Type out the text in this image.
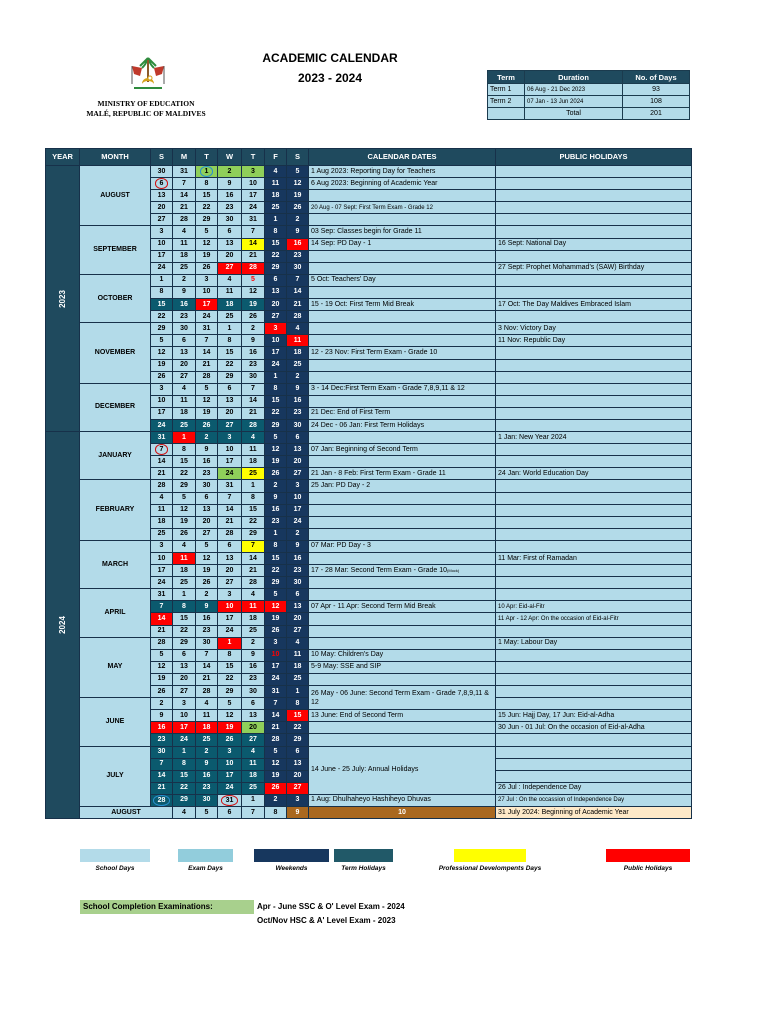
MINISTRY OF EDUCATION
MALÉ, REPUBLIC OF MALDIVES
ACADEMIC CALENDAR
2023 - 2024	Term	Duration	No. of Days
Term 1	06 Aug - 21 Dec 2023	93
Term 2	07 Jan - 13 Jun 2024	108
	Total	201
YEAR	MONTH	S	M	T	W	T	F	S	CALENDAR DATES	PUBLIC HOLIDAYS	
2023	AUGUST	30	31	1	2	3	4	5	1 Aug 2023: Reporting Day for Teachers		
		6	7	8	9	10	11	12	6 Aug 2023: Beginning of Academic Year		
		13	14	15	16	17	18	19			
		20	21	22	23	24	25	26	20 Aug - 07 Sept: First Term Exam - Grade 12		
		27	28	29	30	31	1	2			
	SEPTEMBER	3	4	5	6	7	8	9	03 Sep: Classes begin for Grade 11		
		10	11	12	13	14	15	16	14 Sep: PD Day - 1	16 Sept: National Day	
		17	18	19	20	21	22	23			
		24	25	26	27	28	29	30		27 Sept: Prophet Mohammad's (SAW) Birthday	
	OCTOBER	1	2	3	4	5	6	7	5 Oct: Teachers' Day		
		8	9	10	11	12	13	14			
		15	16	17	18	19	20	21	15 - 19 Oct: First Term Mid Break	17 Oct: The Day Maldives Embraced Islam	
		22	23	24	25	26	27	28			
	NOVEMBER	29	30	31	1	2	3	4		3 Nov: Victory Day	
		5	6	7	8	9	10	11		11 Nov: Republic Day	
		12	13	14	15	16	17	18	12 - 23 Nov: First Term Exam - Grade 10		
		19	20	21	22	23	24	25			
		26	27	28	29	30	1	2			
	DECEMBER	3	4	5	6	7	8	9	3 - 14 Dec:First Term Exam - Grade 7,8,9,11 & 12		
		10	11	12	13	14	15	16			
		17	18	19	20	21	22	23	21 Dec: End of First Term		
		24	25	26	27	28	29	30	24 Dec - 06 Jan: First Term Holidays		
2024	JANUARY	31	1	2	3	4	5	6		1 Jan: New Year 2024	
		7	8	9	10	11	12	13	07 Jan: Beginning of Second Term		
		14	15	16	17	18	19	20			
		21	22	23	24	25	26	27	21 Jan - 8 Feb: First Term Exam - Grade 11	24 Jan: World Education Day	
	FEBRUARY	28	29	30	31	1	2	3	25 Jan: PD Day - 2		
		4	5	6	7	8	9	10			
		11	12	13	14	15	16	17			
		18	19	20	21	22	23	24			
		25	26	27	28	29	1	2			
	MARCH	3	4	5	6	7	8	9	07 Mar: PD Day - 3		
		10	11	12	13	14	15	16		11 Mar: First of Ramadan	
		17	18	19	20	21	22	23	17 - 28 Mar: Second Term Exam - Grade 10(Mock)		
		24	25	26	27	28	29	30			
	APRIL	31	1	2	3	4	5	6			
		7	8	9	10	11	12	13	07 Apr - 11 Apr: Second Term Mid Break	10 Apr: Eid-al-Fitr	
		14	15	16	17	18	19	20		11 Apr - 12 Apr: On the occasion of Eid-al-Fitr	
		21	22	23	24	25	26	27			
	MAY	28	29	30	1	2	3	4		1 May: Labour Day	
		5	6	7	8	9	10	11	10 May: Children's Day		
		12	13	14	15	16	17	18	5-9 May: SSE and SIP		
		19	20	21	22	23	24	25			
		26	27	28	29	30	31	1	26 May - 06 June: Second Term Exam - Grade 7,8,9,11 & 12		
	JUNE	2	3	4	5	6	7	8			
		9	10	11	12	13	14	15	13 June: End of Second Term	15 Jun: Hajj Day, 17 Jun: Eid-al-Adha	
		16	17	18	19	20	21	22		30 Jun - 01 Jul: On the occasion of Eid-al-Adha	
		23	24	25	26	27	28	29			
	JULY	30	1	2	3	4	5	6	14 June - 25 July: Annual Holidays		
		7	8	9	10	11	12	13			
		14	15	16	17	18	19	20			
		21	22	23	24	25	26	27		26 Jul : Independence Day	
		28	29	30	31	1	2	3	1 Aug: Dhulhaheyo Hashiheyo Dhuvas	27 Jul : On the occassion of Independence Day	
	AUGUST		4	5	6	7	8	9	10	31 July 2024: Beginning of Academic Year	
School Days	Exam Days	Weekends	Term Holidays	Professional Develompents Days	Public Holidays
School Completion Examinations:	Apr - June SSC & O' Level Exam - 2024
Oct/Nov HSC & A' Level Exam - 2023
